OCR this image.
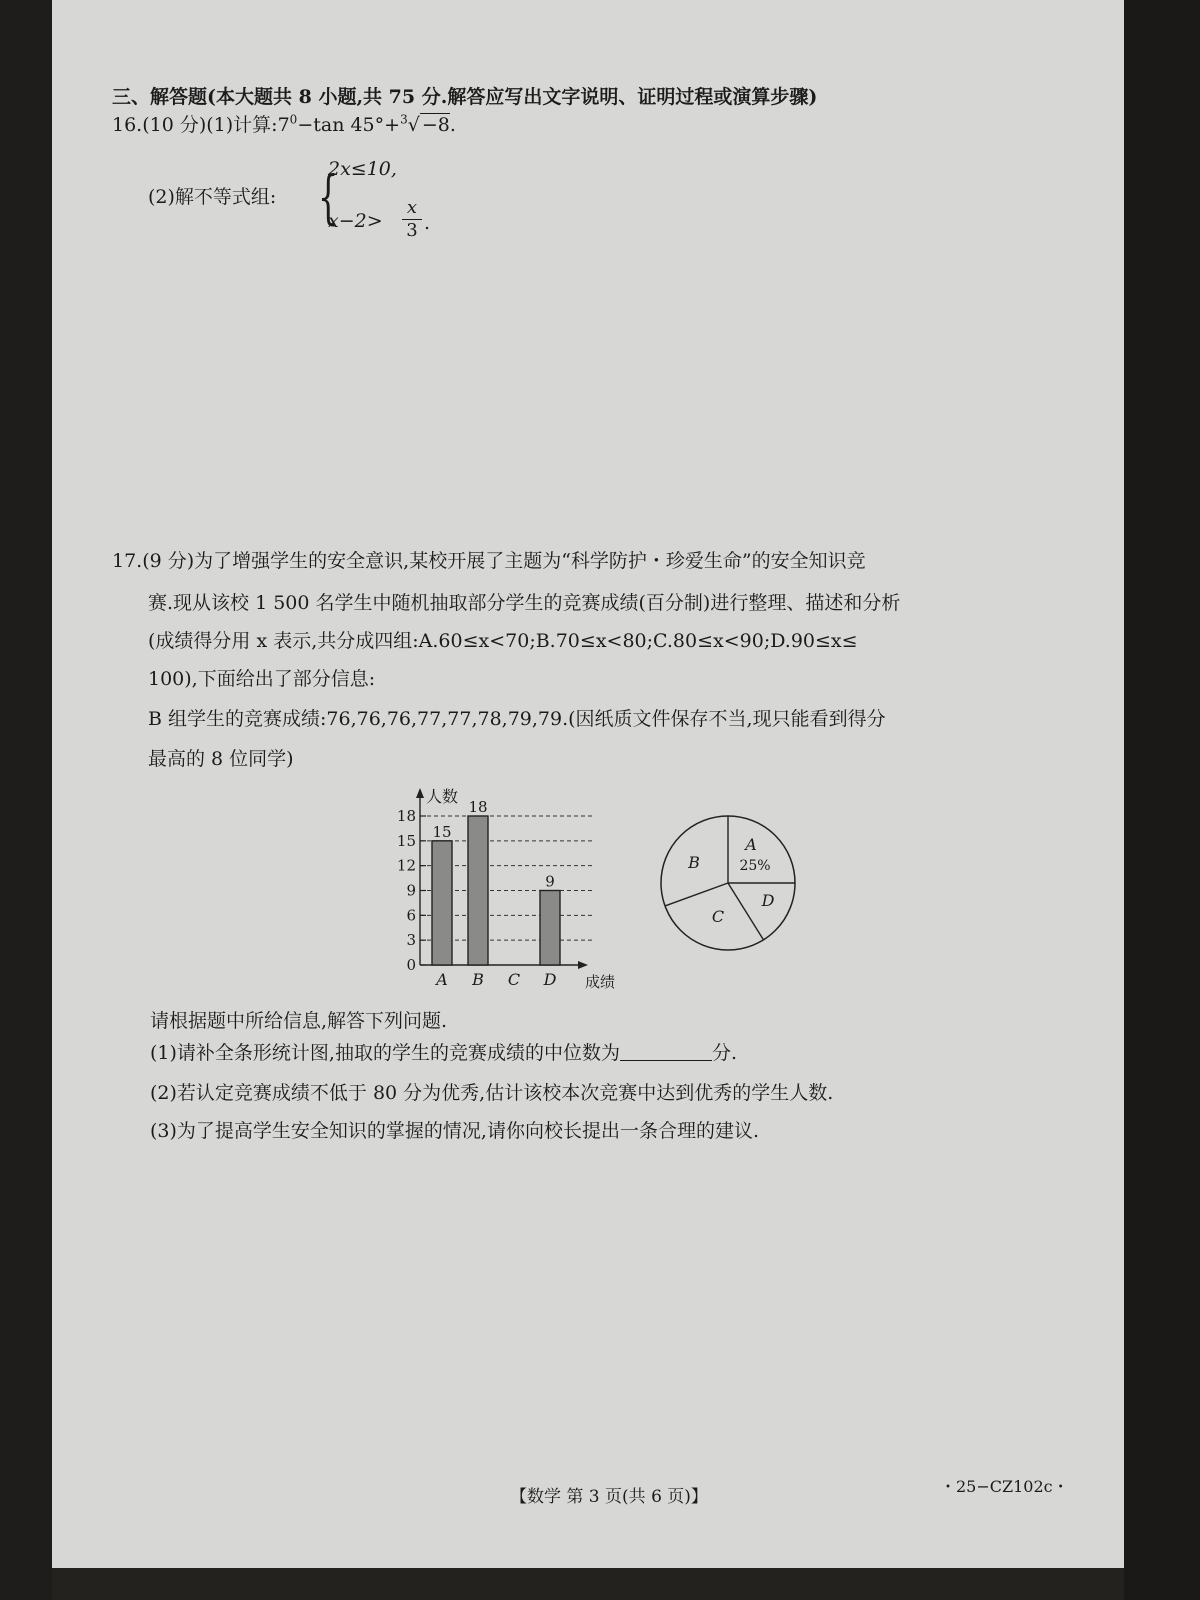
三、解答题(本大题共 8 小题,共 75 分.解答应写出文字说明、证明过程或演算步骤)
16.(10 分)(1)计算$:7^0-\tan$ 45°+$^3$√ −8.
(2)解不等式组: {
2x≤10,
x−2>
x
3 .
17.(9 分)为了增强学生的安全意识,某校开展了主题为“科学防护・珍爱生命”的安全知识竞
赛.现从该校 1 500 名学生中随机抽取部分学生的竞赛成绩(百分制)进行整理、描述和分析
(成绩得分用 x 表示,共分成四组:A.60≤x<70;B.70≤x<80;C.80≤x<90;D.90≤x≤
100),下面给出了部分信息:
B 组学生的竞赛成绩:76,76,76,77,77,78,79,79.(因纸质文件保存不当,现只能看到得分
最高的 8 位同学)
0
3
6
9
12
15
18
人数
成绩
15
A
18
B C
9
D
A
25%
B
C
D
请根据题中所给信息,解答下列问题.
(1)请补全条形统计图,抽取的学生的竞赛成绩的中位数为	分.
(2)若认定竞赛成绩不低于 80 分为优秀,估计该校本次竞赛中达到优秀的学生人数.
(3)为了提高学生安全知识的掌握的情况,请你向校长提出一条合理的建议.
【数学 第 3 页(共 6 页)】
・25−CZ102c・
